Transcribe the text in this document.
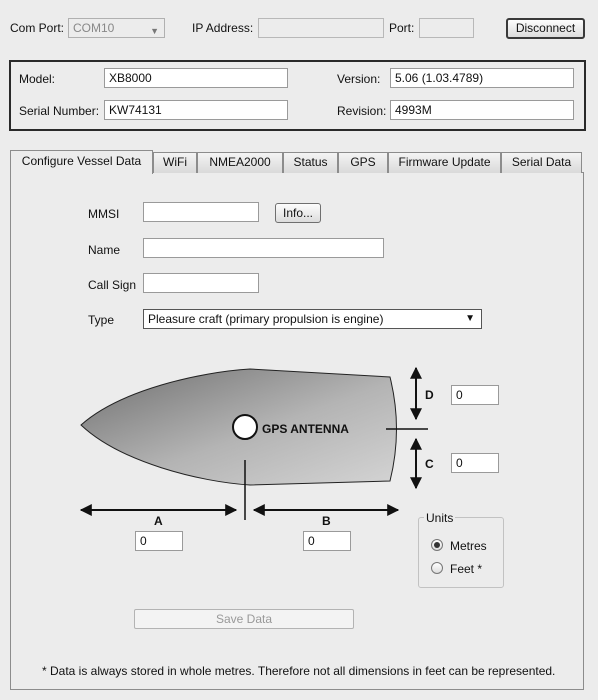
Com Port: COM10	▼	IP Address:	Port:	Disconnect
Model:	XB8000
Serial Number: KW74131
Version:	5.06 (1.03.4789)
Revision: 4993M
Configure Vessel Data	WiFi	NMEA2000	Status	GPS	Firmware Update	Serial Data
MMSI	Info...
Name
Call Sign
Type	Pleasure craft (primary propulsion is engine)	▼
GPS ANTENNA
D	0
C	0
A
0
B
0
Units
Metres
Feet *
Save Data
* Data is always stored in whole metres. Therefore not all dimensions in feet can be represented.
